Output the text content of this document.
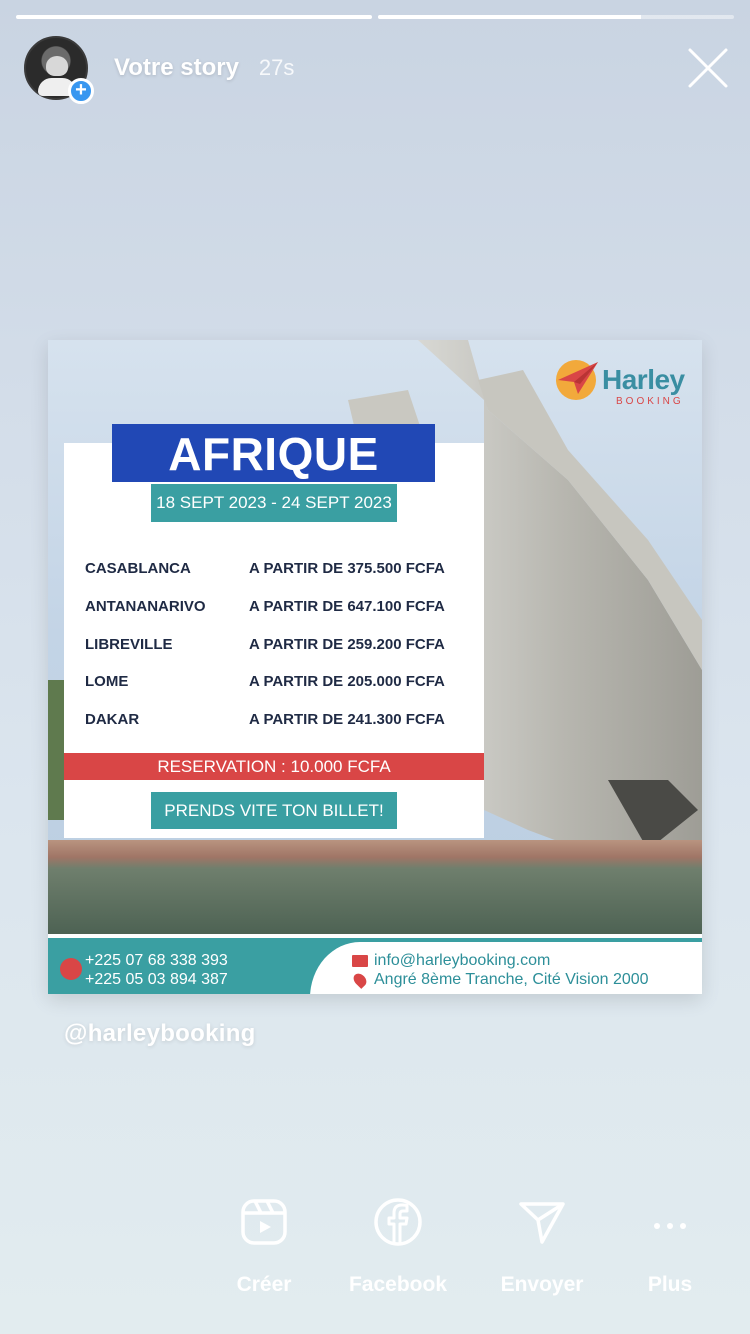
+
Votre story 27s
Harley
BOOKING
AFRIQUE
18 SEPT 2023 - 24 SEPT 2023
CASABLANCA	A PARTIR DE 375.500 FCFA
ANTANANARIVO	A PARTIR DE 647.100 FCFA
LIBREVILLE	A PARTIR DE 259.200 FCFA
LOME	A PARTIR DE 205.000 FCFA
DAKAR	A PARTIR DE 241.300 FCFA
RESERVATION : 10.000 FCFA
PRENDS VITE TON BILLET!
+225 07 68 338 393
+225 05 03 894 387
info@harleybooking.com
Angré 8ème Tranche, Cité Vision 2000
@harleybooking
Créer	Facebook	Envoyer	Plus
